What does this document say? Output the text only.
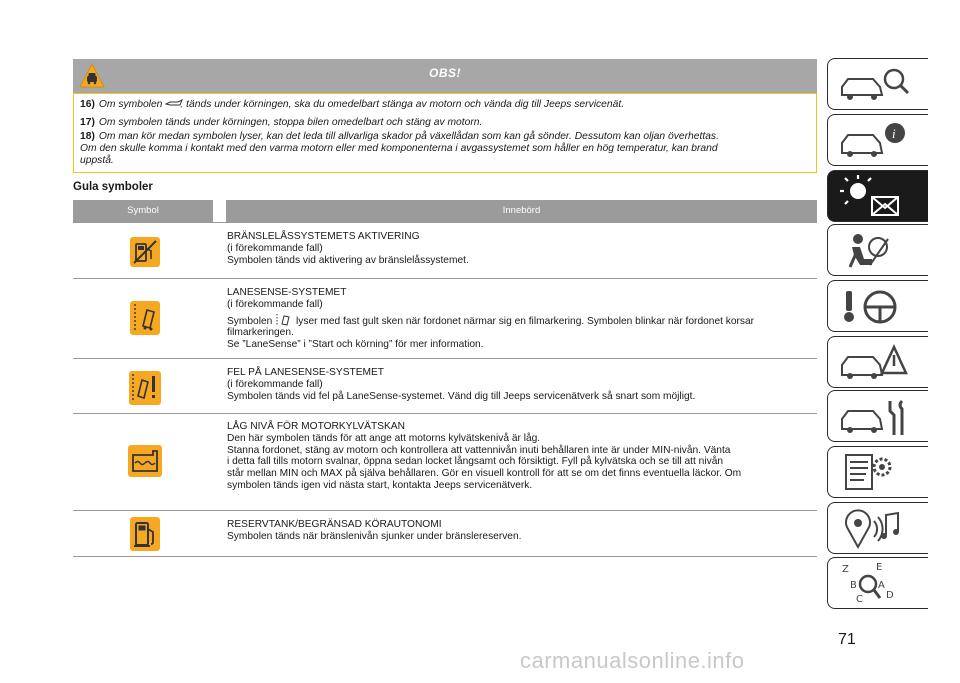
OBS!
16) Om symbolen tänds under körningen, ska du omedelbart stänga av motorn och vända dig till Jeeps servicenät.
17) Om symbolen tänds under körningen, stoppa bilen omedelbart och stäng av motorn.
18) Om man kör medan symbolen lyser, kan det leda till allvarliga skador på växellådan som kan gå sönder. Dessutom kan oljan överhettas.
Om den skulle komma i kontakt med den varma motorn eller med komponenterna i avgassystemet som håller en hög temperatur, kan brand
uppstå.
Gula symboler
Symbol	Innebörd
BRÄNSLELÅSSYSTEMETS AKTIVERING
(i förekommande fall)
Symbolen tänds vid aktivering av bränslelåssystemet.
LANESENSE-SYSTEMET
(i förekommande fall)
Symbolen lyser med fast gult sken när fordonet närmar sig en filmarkering. Symbolen blinkar när fordonet korsar
filmarkeringen.
Se ”LaneSense” i ”Start och körning” för mer information.
FEL PÅ LANESENSE-SYSTEMET
(i förekommande fall)
Symbolen tänds vid fel på LaneSense-systemet. Vänd dig till Jeeps servicenätverk så snart som möjligt.
LÅG NIVÅ FÖR MOTORKYLVÄTSKAN
Den här symbolen tänds för att ange att motorns kylvätskenivå är låg.
Stanna fordonet, stäng av motorn och kontrollera att vattennivån inuti behållaren inte är under MIN-nivån. Vänta
i detta fall tills motorn svalnar, öppna sedan locket långsamt och försiktigt. Fyll på kylvätska och se till att nivån
står mellan MIN och MAX på själva behållaren. Gör en visuell kontroll för att se om det finns eventuella läckor. Om
symbolen tänds igen vid nästa start, kontakta Jeeps servicenätverk.
RESERVTANK/BEGRÄNSAD KÖRAUTONOMI
Symbolen tänds när bränslenivån sjunker under bränslereserven.
i
Z	E
B A
C D
71
carmanualsonline.info
